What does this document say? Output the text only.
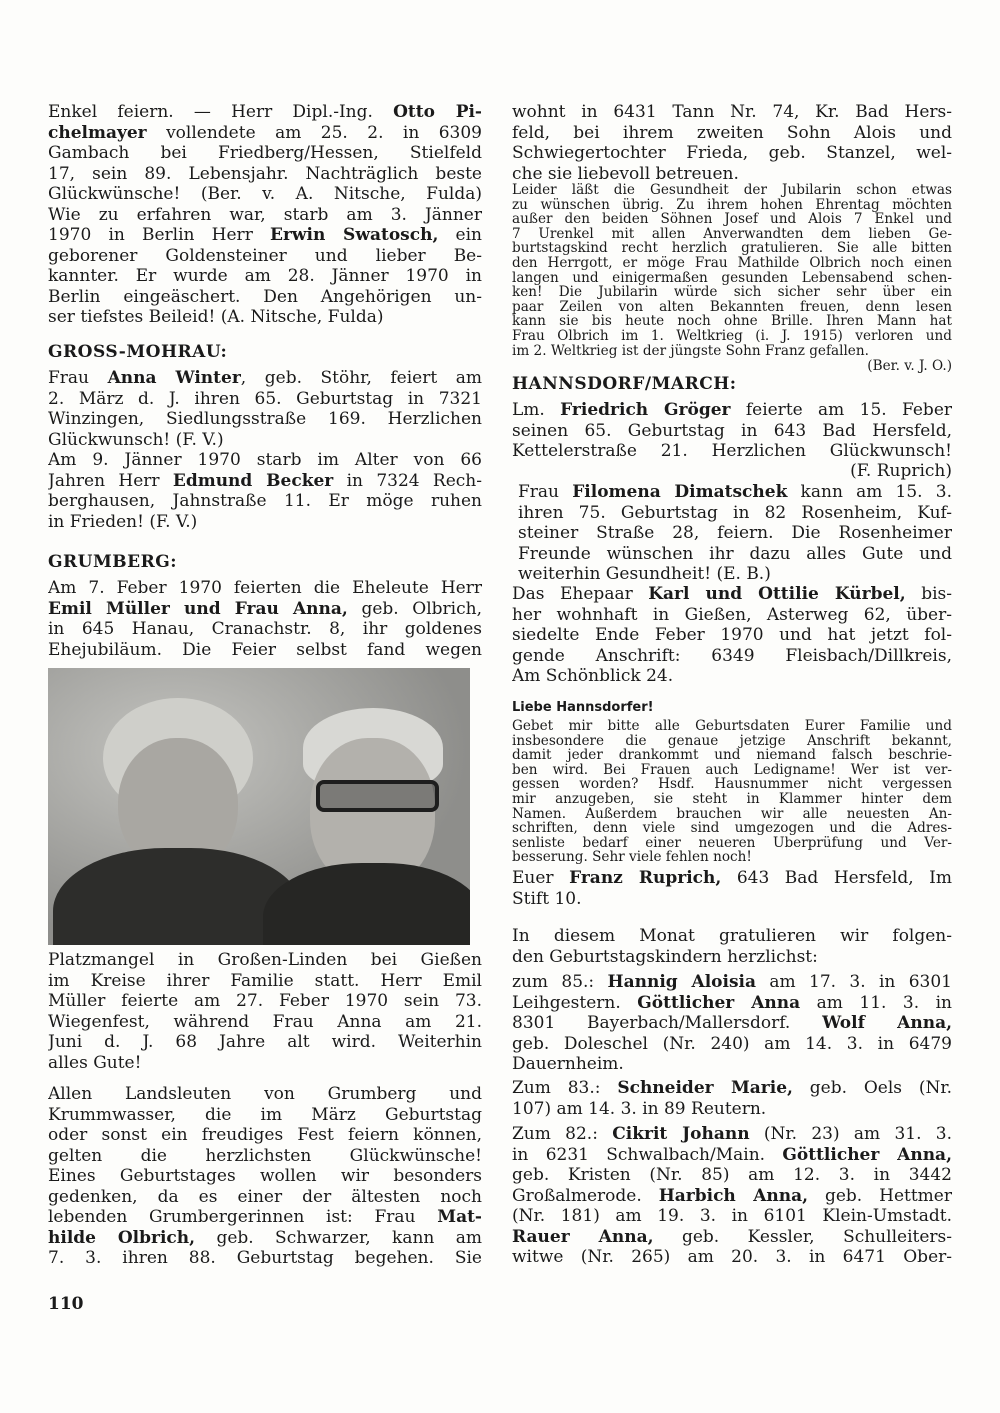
Enkel feiern. — Herr Dipl.-Ing. Otto Pi-
chelmayer vollendete am 25. 2. in 6309
Gambach bei Friedberg/Hessen, Stielfeld
17, sein 89. Lebensjahr. Nachträglich beste
Glückwünsche! (Ber. v. A. Nitsche, Fulda)
Wie zu erfahren war, starb am 3. Jänner
1970 in Berlin Herr Erwin Swatosch, ein
geborener Goldensteiner und lieber Be-
kannter. Er wurde am 28. Jänner 1970 in
Berlin eingeäschert. Den Angehörigen un-
ser tiefstes Beileid! (A. Nitsche, Fulda)
GROSS-MOHRAU:
Frau Anna Winter, geb. Stöhr, feiert am
2. März d. J. ihren 65. Geburtstag in 7321
Winzingen, Siedlungsstraße 169. Herzlichen
Glückwunsch! (F. V.)
Am 9. Jänner 1970 starb im Alter von 66
Jahren Herr Edmund Becker in 7324 Rech-
berghausen, Jahnstraße 11. Er möge ruhen
in Frieden! (F. V.)
GRUMBERG:
Am 7. Feber 1970 feierten die Eheleute Herr
Emil Müller und Frau Anna, geb. Olbrich,
in 645 Hanau, Cranachstr. 8, ihr goldenes
Ehejubiläum. Die Feier selbst fand wegen
Platzmangel in Großen-Linden bei Gießen
im Kreise ihrer Familie statt. Herr Emil
Müller feierte am 27. Feber 1970 sein 73.
Wiegenfest, während Frau Anna am 21.
Juni d. J. 68 Jahre alt wird. Weiterhin
alles Gute!
Allen Landsleuten von Grumberg und
Krummwasser, die im März Geburtstag
oder sonst ein freudiges Fest feiern können,
gelten die herzlichsten Glückwünsche!
Eines Geburtstages wollen wir besonders
gedenken, da es einer der ältesten noch
lebenden Grumbergerinnen ist: Frau Mat-
hilde Olbrich, geb. Schwarzer, kann am
7. 3. ihren 88. Geburtstag begehen. Sie
wohnt in 6431 Tann Nr. 74, Kr. Bad Hers-
feld, bei ihrem zweiten Sohn Alois und
Schwiegertochter Frieda, geb. Stanzel, wel-
che sie liebevoll betreuen.
Leider läßt die Gesundheit der Jubilarin schon etwas
zu wünschen übrig. Zu ihrem hohen Ehrentag möchten
außer den beiden Söhnen Josef und Alois 7 Enkel und
7 Urenkel mit allen Anverwandten dem lieben Ge-
burtstagskind recht herzlich gratulieren. Sie alle bitten
den Herrgott, er möge Frau Mathilde Olbrich noch einen
langen und einigermaßen gesunden Lebensabend schen-
ken! Die Jubilarin würde sich sicher sehr über ein
paar Zeilen von alten Bekannten freuen, denn lesen
kann sie bis heute noch ohne Brille. Ihren Mann hat
Frau Olbrich im 1. Weltkrieg (i. J. 1915) verloren und
im 2. Weltkrieg ist der jüngste Sohn Franz gefallen.
(Ber. v. J. O.)
HANNSDORF/MARCH:
Lm. Friedrich Gröger feierte am 15. Feber
seinen 65. Geburtstag in 643 Bad Hersfeld,
Kettelerstraße 21. Herzlichen Glückwunsch!
(F. Ruprich)
Frau Filomena Dimatschek kann am 15. 3.
ihren 75. Geburtstag in 82 Rosenheim, Kuf-
steiner Straße 28, feiern. Die Rosenheimer
Freunde wünschen ihr dazu alles Gute und
weiterhin Gesundheit! (E. B.)
Das Ehepaar Karl und Ottilie Kürbel, bis-
her wohnhaft in Gießen, Asterweg 62, über-
siedelte Ende Feber 1970 und hat jetzt fol-
gende Anschrift: 6349 Fleisbach/Dillkreis,
Am Schönblick 24.
Liebe Hannsdorfer!
Gebet mir bitte alle Geburtsdaten Eurer Familie und
insbesondere die genaue jetzige Anschrift bekannt,
damit jeder drankommt und niemand falsch beschrie-
ben wird. Bei Frauen auch Ledigname! Wer ist ver-
gessen worden? Hsdf. Hausnummer nicht vergessen
mir anzugeben, sie steht in Klammer hinter dem
Namen. Außerdem brauchen wir alle neuesten An-
schriften, denn viele sind umgezogen und die Adres-
senliste bedarf einer neueren Überprüfung und Ver-
besserung. Sehr viele fehlen noch!
Euer Franz Ruprich, 643 Bad Hersfeld, Im
Stift 10.
In diesem Monat gratulieren wir folgen-
den Geburtstagskindern herzlichst:
zum 85.: Hannig Aloisia am 17. 3. in 6301
Leihgestern. Göttlicher Anna am 11. 3. in
8301 Bayerbach/Mallersdorf. Wolf Anna,
geb. Doleschel (Nr. 240) am 14. 3. in 6479
Dauernheim.
Zum 83.: Schneider Marie, geb. Oels (Nr.
107) am 14. 3. in 89 Reutern.
Zum 82.: Cikrit Johann (Nr. 23) am 31. 3.
in 6231 Schwalbach/Main. Göttlicher Anna,
geb. Kristen (Nr. 85) am 12. 3. in 3442
Großalmerode. Harbich Anna, geb. Hettmer
(Nr. 181) am 19. 3. in 6101 Klein-Umstadt.
Rauer Anna, geb. Kessler, Schulleiters-
witwe (Nr. 265) am 20. 3. in 6471 Ober-
110
